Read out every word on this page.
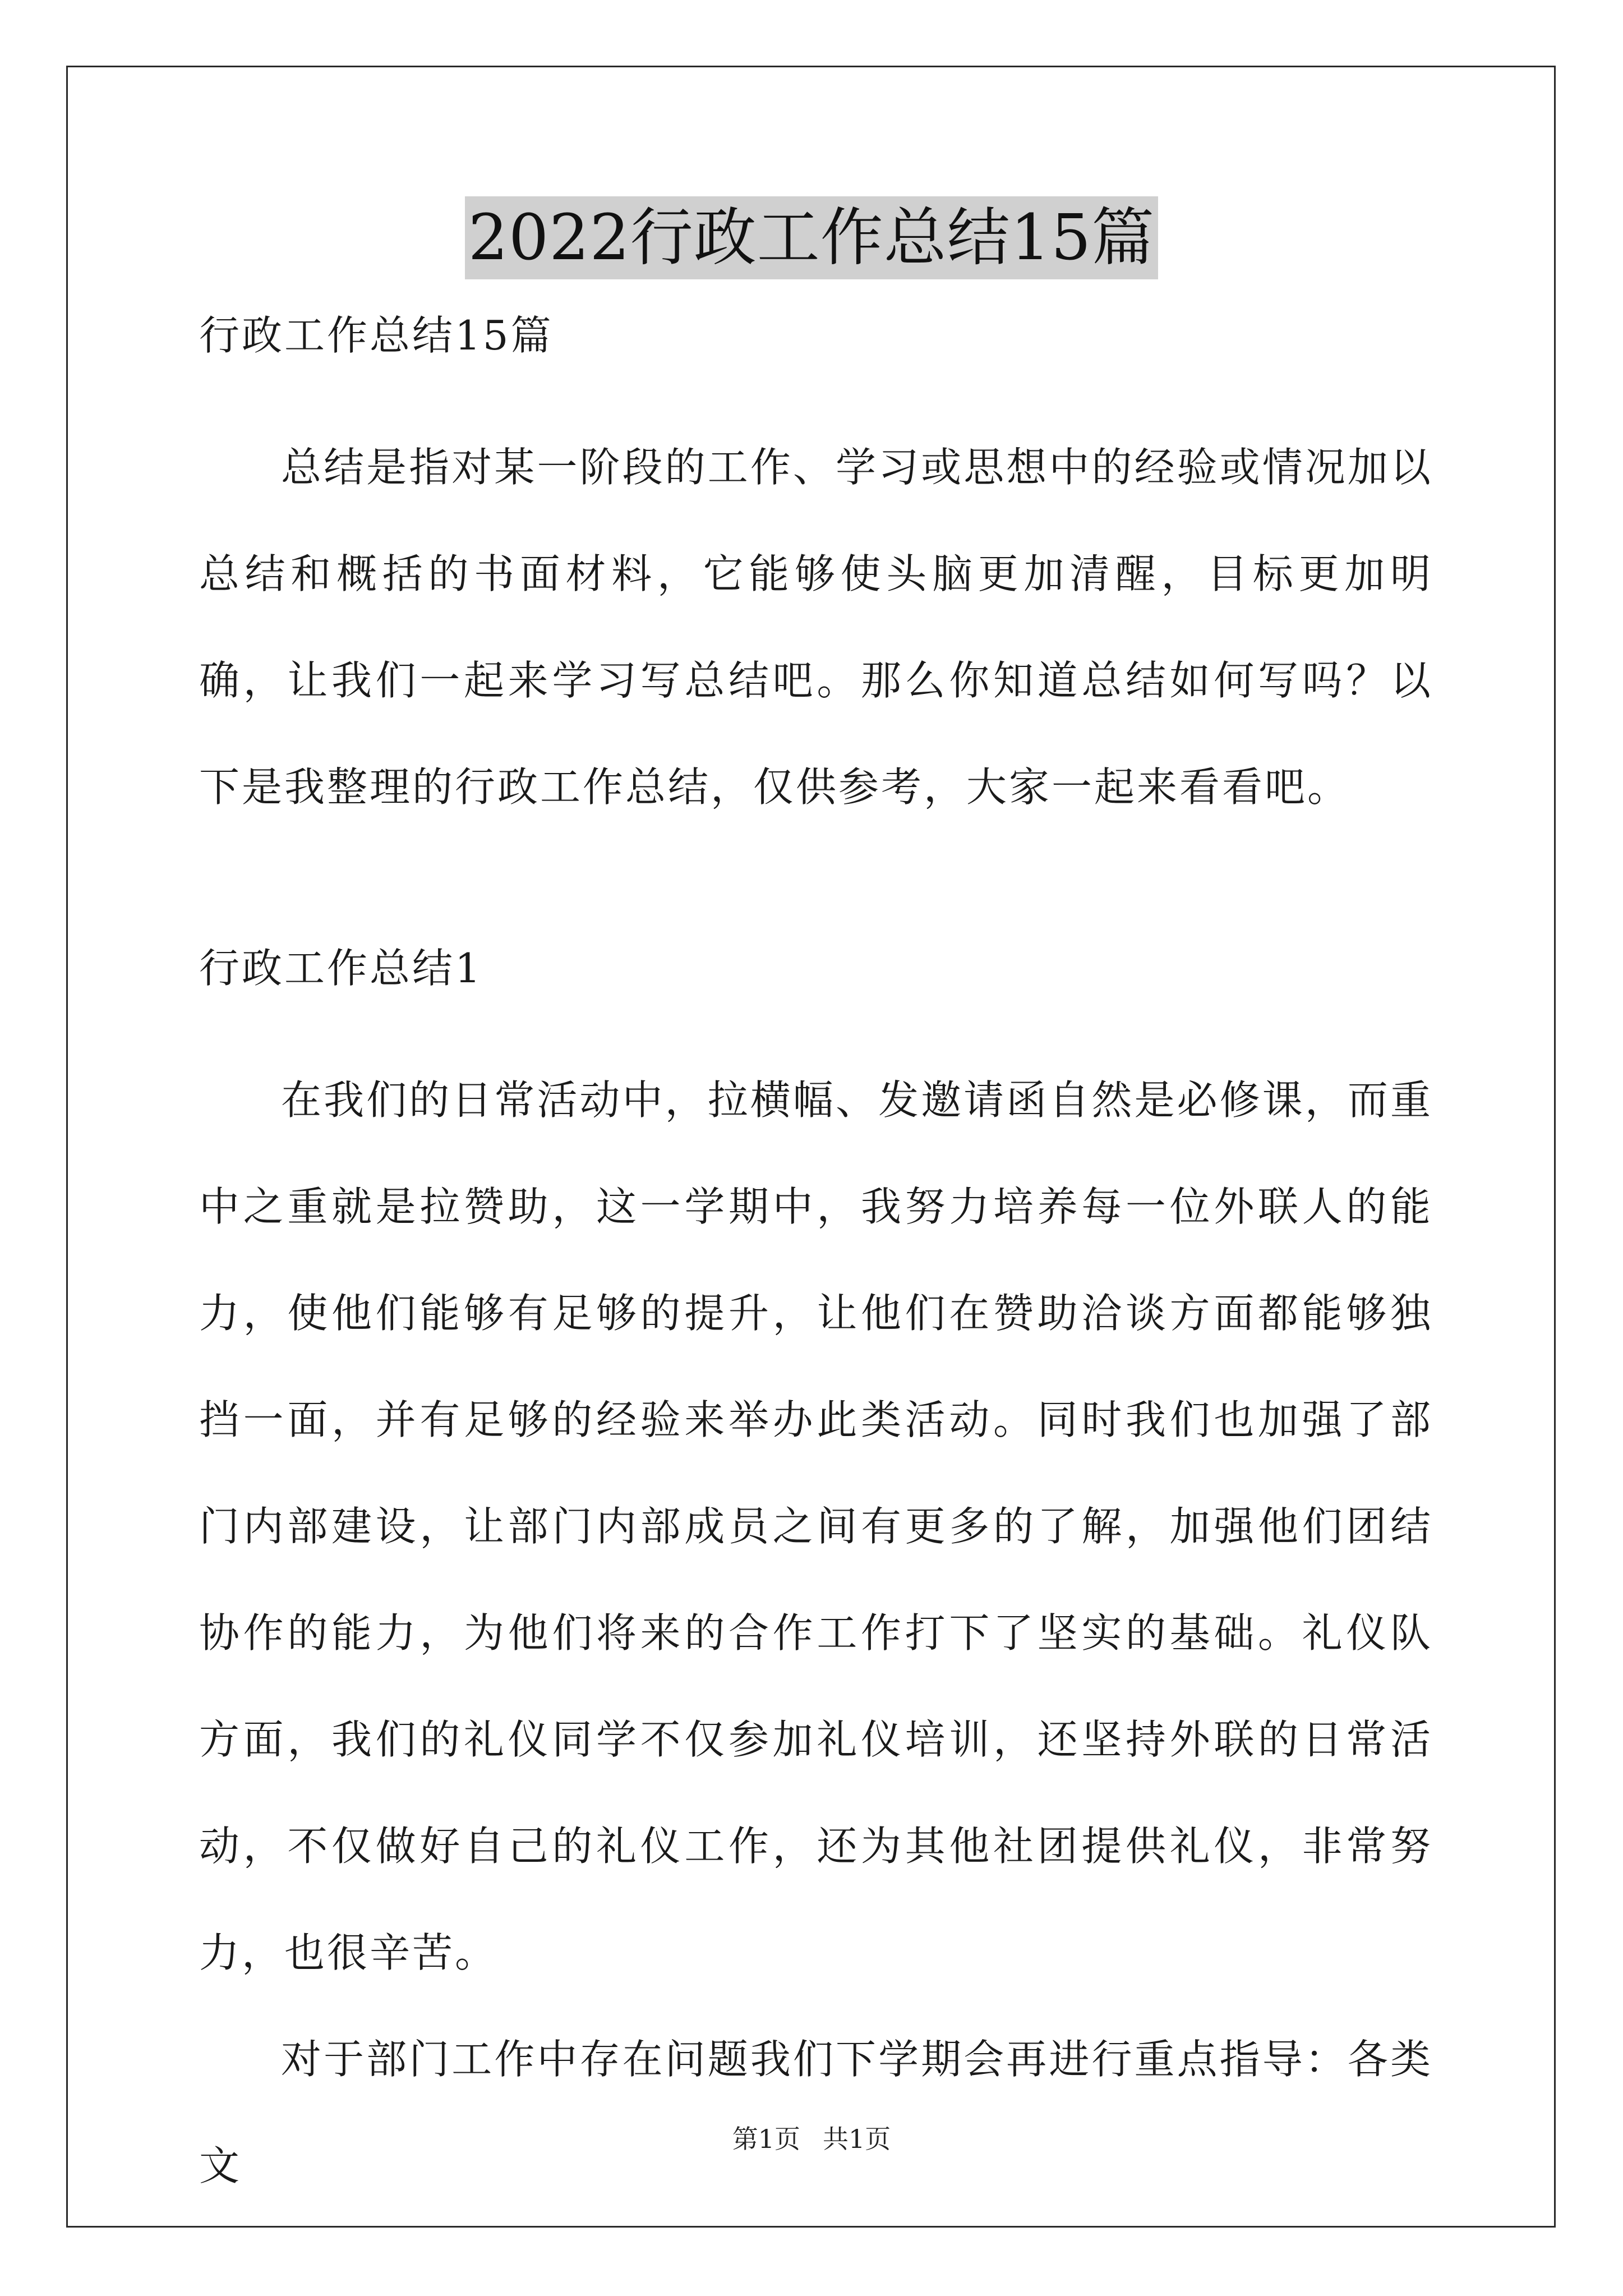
2022行政工作总结15篇

行政工作总结15篇

总结是指对某一阶段的工作、学习或思想中的经验或情况加以总结和概括的书面材料，它能够使头脑更加清醒，目标更加明确，让我们一起来学习写总结吧。那么你知道总结如何写吗？以下是我整理的行政工作总结，仅供参考，大家一起来看看吧。

行政工作总结1

在我们的日常活动中，拉横幅、发邀请函自然是必修课，而重中之重就是拉赞助，这一学期中，我努力培养每一位外联人的能力，使他们能够有足够的提升，让他们在赞助洽谈方面都能够独挡一面，并有足够的经验来举办此类活动。同时我们也加强了部门内部建设，让部门内部成员之间有更多的了解，加强他们团结协作的能力，为他们将来的合作工作打下了坚实的基础。礼仪队方面，我们的礼仪同学不仅参加礼仪培训，还坚持外联的日常活动，不仅做好自己的礼仪工作，还为其他社团提供礼仪，非常努力，也很辛苦。

对于部门工作中存在问题我们下学期会再进行重点指导：各类文

第1页 共1页
